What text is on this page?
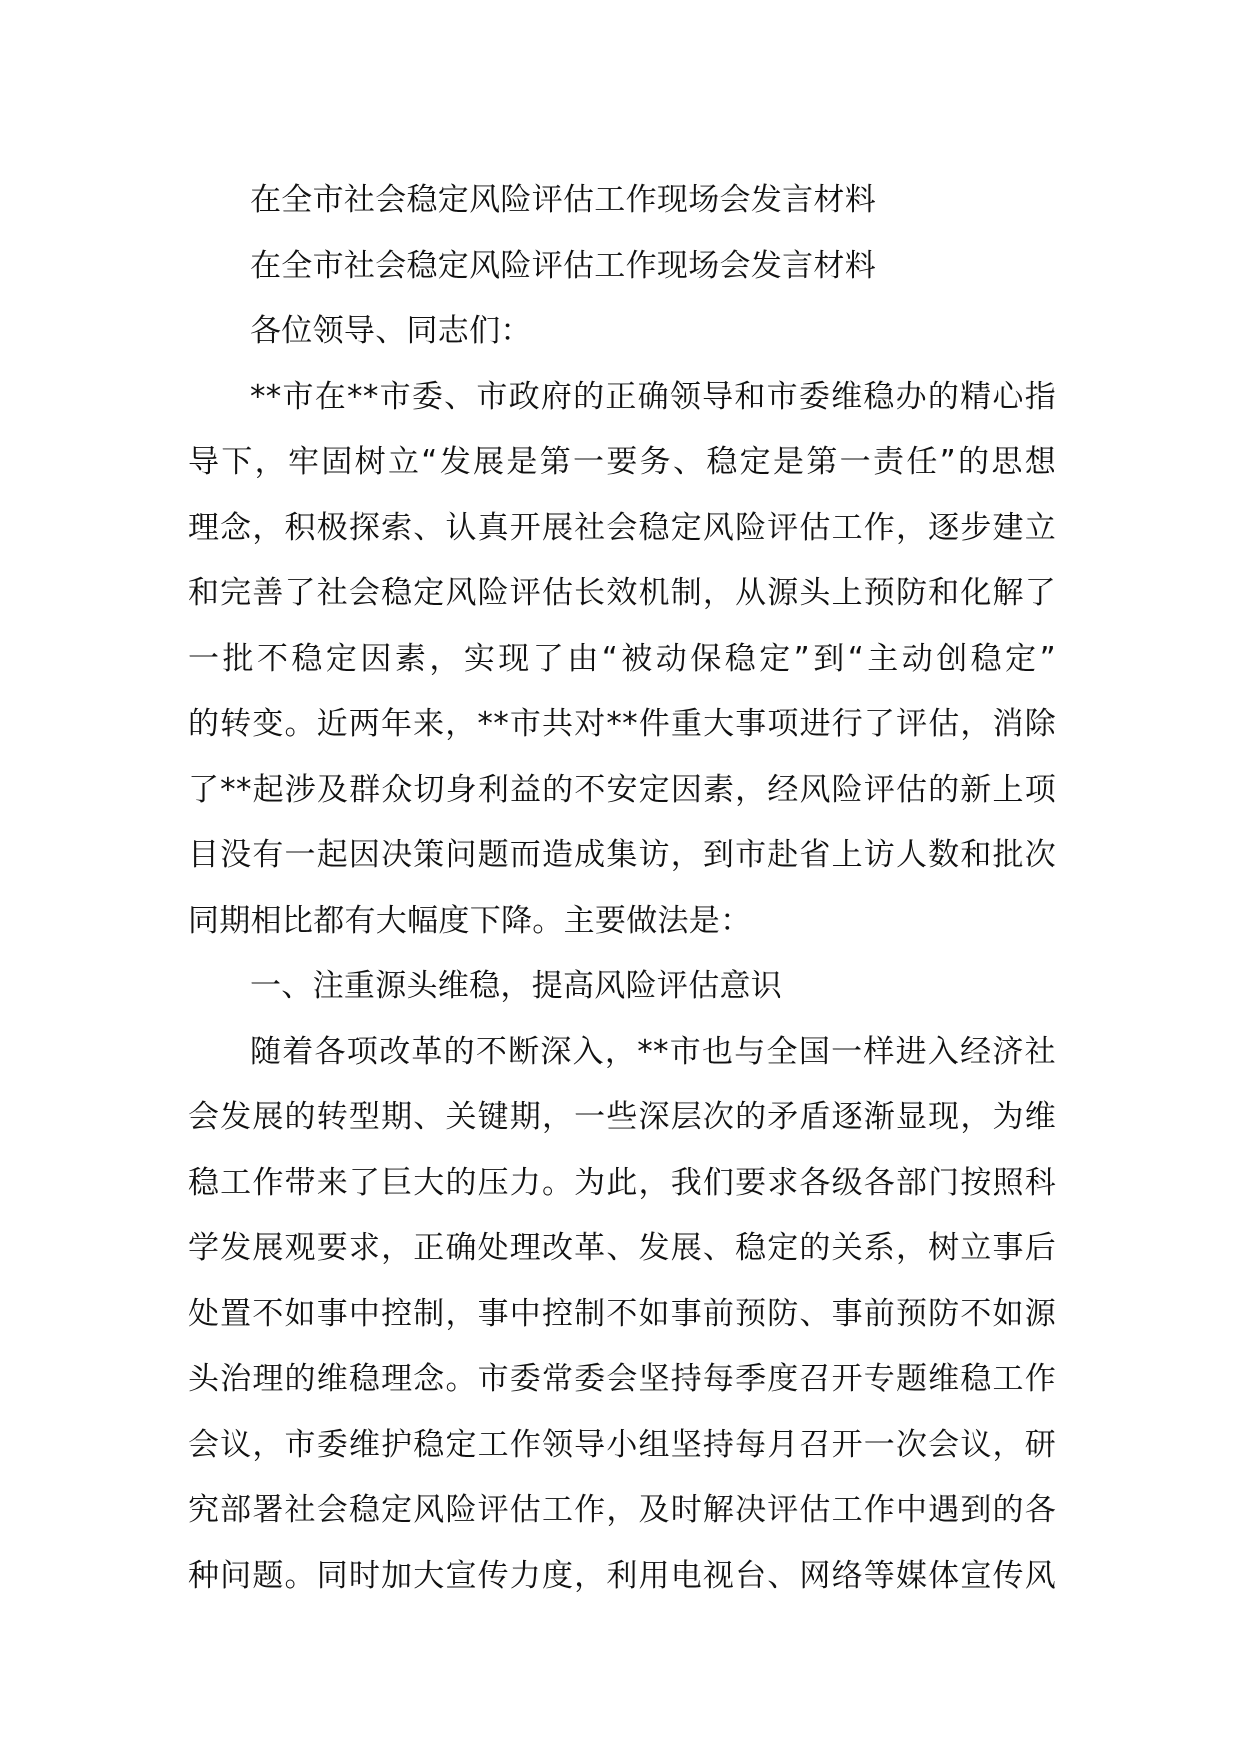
在全市社会稳定风险评估工作现场会发言材料
在全市社会稳定风险评估工作现场会发言材料
各位领导、同志们：
**市在**市委、市政府的正确领导和市委维稳办的精心指
导下，牢固树立“发展是第一要务、稳定是第一责任”的思想
理念，积极探索、认真开展社会稳定风险评估工作，逐步建立
和完善了社会稳定风险评估长效机制，从源头上预防和化解了
一批不稳定因素，实现了由“被动保稳定”到“主动创稳定”
的转变。近两年来，**市共对**件重大事项进行了评估，消除
了**起涉及群众切身利益的不安定因素，经风险评估的新上项
目没有一起因决策问题而造成集访，到市赴省上访人数和批次
同期相比都有大幅度下降。主要做法是：
一、注重源头维稳，提高风险评估意识
随着各项改革的不断深入，**市也与全国一样进入经济社
会发展的转型期、关键期，一些深层次的矛盾逐渐显现，为维
稳工作带来了巨大的压力。为此，我们要求各级各部门按照科
学发展观要求，正确处理改革、发展、稳定的关系，树立事后
处置不如事中控制，事中控制不如事前预防、事前预防不如源
头治理的维稳理念。市委常委会坚持每季度召开专题维稳工作
会议，市委维护稳定工作领导小组坚持每月召开一次会议，研
究部署社会稳定风险评估工作，及时解决评估工作中遇到的各
种问题。同时加大宣传力度，利用电视台、网络等媒体宣传风
